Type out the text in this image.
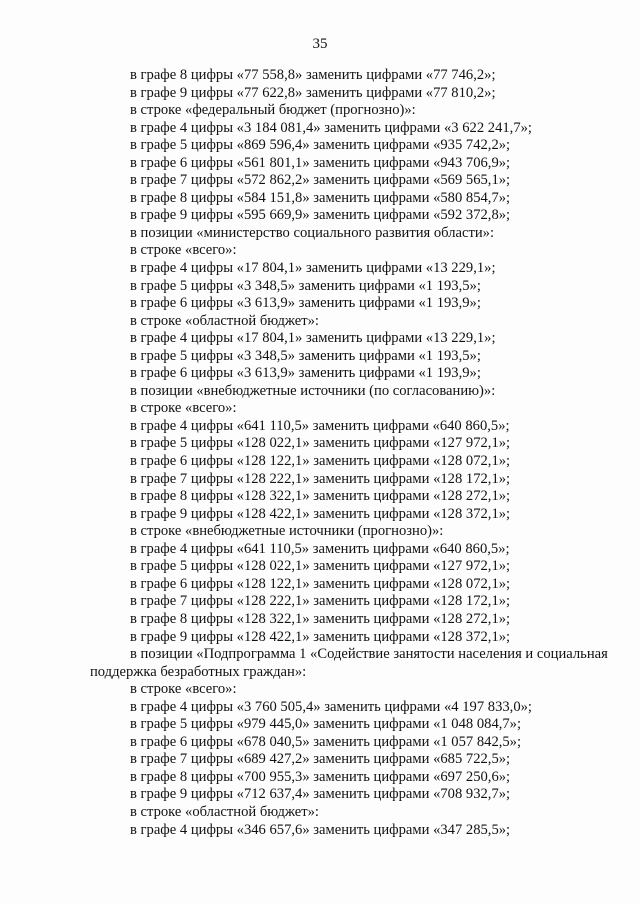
35
в графе 8 цифры «77 558,8» заменить цифрами «77 746,2»;
в графе 9 цифры «77 622,8» заменить цифрами «77 810,2»;
в строке «федеральный бюджет (прогнозно)»:
в графе 4 цифры «3 184 081,4» заменить цифрами «3 622 241,7»;
в графе 5 цифры «869 596,4» заменить цифрами «935 742,2»;
в графе 6 цифры «561 801,1» заменить цифрами «943 706,9»;
в графе 7 цифры «572 862,2» заменить цифрами «569 565,1»;
в графе 8 цифры «584 151,8» заменить цифрами «580 854,7»;
в графе 9 цифры «595 669,9» заменить цифрами «592 372,8»;
в позиции «министерство социального развития области»:
в строке «всего»:
в графе 4 цифры «17 804,1» заменить цифрами «13 229,1»;
в графе 5 цифры «3 348,5» заменить цифрами «1 193,5»;
в графе 6 цифры «3 613,9» заменить цифрами «1 193,9»;
в строке «областной бюджет»:
в графе 4 цифры «17 804,1» заменить цифрами «13 229,1»;
в графе 5 цифры «3 348,5» заменить цифрами «1 193,5»;
в графе 6 цифры «3 613,9» заменить цифрами «1 193,9»;
в позиции «внебюджетные источники (по согласованию)»:
в строке «всего»:
в графе 4 цифры «641 110,5» заменить цифрами «640 860,5»;
в графе 5 цифры «128 022,1» заменить цифрами «127 972,1»;
в графе 6 цифры «128 122,1» заменить цифрами «128 072,1»;
в графе 7 цифры «128 222,1» заменить цифрами «128 172,1»;
в графе 8 цифры «128 322,1» заменить цифрами «128 272,1»;
в графе 9 цифры «128 422,1» заменить цифрами «128 372,1»;
в строке «внебюджетные источники (прогнозно)»:
в графе 4 цифры «641 110,5» заменить цифрами «640 860,5»;
в графе 5 цифры «128 022,1» заменить цифрами «127 972,1»;
в графе 6 цифры «128 122,1» заменить цифрами «128 072,1»;
в графе 7 цифры «128 222,1» заменить цифрами «128 172,1»;
в графе 8 цифры «128 322,1» заменить цифрами «128 272,1»;
в графе 9 цифры «128 422,1» заменить цифрами «128 372,1»;
в позиции «Подпрограмма 1 «Содействие занятости населения и социальная
поддержка безработных граждан»:
в строке «всего»:
в графе 4 цифры «3 760 505,4» заменить цифрами «4 197 833,0»;
в графе 5 цифры «979 445,0» заменить цифрами «1 048 084,7»;
в графе 6 цифры «678 040,5» заменить цифрами «1 057 842,5»;
в графе 7 цифры «689 427,2» заменить цифрами «685 722,5»;
в графе 8 цифры «700 955,3» заменить цифрами «697 250,6»;
в графе 9 цифры «712 637,4» заменить цифрами «708 932,7»;
в строке «областной бюджет»:
в графе 4 цифры «346 657,6» заменить цифрами «347 285,5»;
